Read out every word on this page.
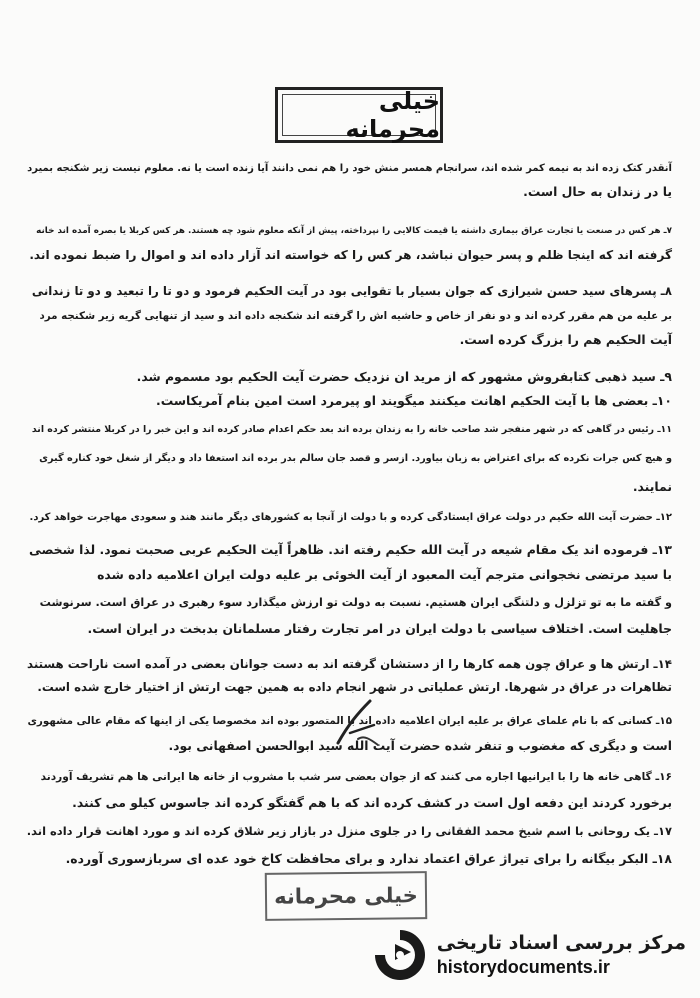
خیلی محرمانه
آنقدر کتک زده اند به نیمه کمر شده اند، سرانجام همسر منش خود را هم نمی دانند آیا زنده است یا نه. معلوم نیست زیر شکنجه بمیرد
یا در زندان به حال است.
۷ـ هر کس در صنعت یا تجارت عراق بیماری داشته یا قیمت کالایی را نپرداخته، پیش از آنکه معلوم شود چه هستند. هر کس کربلا یا بصره آمده اند خانه
گرفته اند که اینجا ظلم و پسر حیوان نباشد، هر کس را که خواسته اند آزار داده اند و اموال را ضبط نموده اند.
۸ـ پسرهای سید حسن شیرازی که جوان بسیار با تقوایی بود در آیت الحکیم فرمود و دو تا را تبعید و دو تا زندانی
بر علیه من هم مقرر کرده اند و دو نفر از خاص و حاشیه اش را گرفته اند شکنجه داده اند و سید از تنهایی گریه زیر شکنجه مرد
آیت الحکیم هم را بزرگ کرده است.
۹ـ سید ذهبی کتابفروش مشهور که از مرید ان نزدیک حضرت آیت الحکیم بود مسموم شد.
۱۰ـ بعضی ها با آیت الحکیم اهانت میکنند میگویند او پیرمرد است امین بنام آمریکاست.
۱۱ـ رئیس در گاهی که در شهر منفجر شد صاحب خانه را به زندان برده اند بعد حکم اعدام صادر کرده اند و این خبر را در کربلا منتشر کرده اند
و هیچ کس جرات نکرده که برای اعتراض به زبان بیاورد. ازسر و قصد جان سالم بدر برده اند استعفا داد و دیگر از شغل خود کناره گیری
نمایند.
۱۲ـ حضرت آیت الله حکیم در دولت عراق ایستادگی کرده و با دولت از آنجا به کشورهای دیگر مانند هند و سعودی مهاجرت خواهد کرد.
۱۳ـ فرموده اند یک مقام شیعه در آیت الله حکیم رفته اند. ظاهراً آیت الحکیم عربی صحبت نمود. لذا شخصی
با سید مرتضی نخجوانی مترجم آیت المعبود از آیت الخوئی بر علیه دولت ایران اعلامیه داده شده
و گفته ما به تو تزلزل و دلتنگی ایران هستیم. نسبت به دولت تو ارزش میگذارد سوء رهبری در عراق است. سرنوشت
جاهلیت است. اختلاف سیاسی با دولت ایران در امر تجارت رفتار مسلمانان بدبخت در ایران است.
۱۴ـ ارتش ها و عراق چون همه کارها را از دستشان گرفته اند به دست جوانان بعضی در آمده است ناراحت هستند
تظاهرات در عراق در شهرها. ارتش عملیاتی در شهر انجام داده به همین جهت ارتش از اختیار خارج شده است.
۱۵ـ کسانی که با نام علمای عراق بر علیه ایران اعلامیه داده اند با المتصور بوده اند مخصوصا یکی از اینها که مقام عالی مشهوری
است و دیگری که مغضوب و تنفر شده حضرت آیت الله سید ابوالحسن اصفهانی بود.
۱۶ـ گاهی خانه ها را با ایرانیها اجاره می کنند که از جوان بعضی سر شب با مشروب از خانه ها ایرانی ها هم تشریف آوردند
برخورد کردند این دفعه اول است در کشف کرده اند که با هم گفتگو کرده اند جاسوس کیلو می کنند.
۱۷ـ یک روحانی با اسم شیخ محمد الفقانی را در جلوی منزل در بازار زیر شلاق کرده اند و مورد اهانت قرار داده اند.
۱۸ـ البکر بیگانه را برای تیراژ عراق اعتماد ندارد و برای محافظت کاخ خود عده ای سربازسوری آورده.
خیلی محرمانه
مرکز بررسی اسناد تاریخی
historydocuments.ir
